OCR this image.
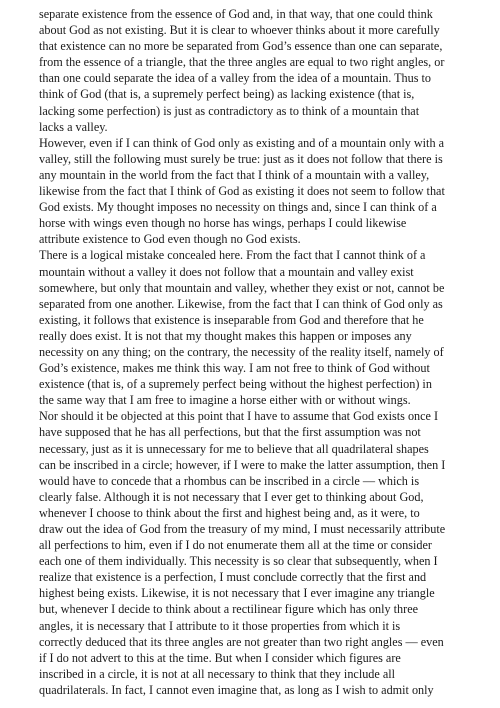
separate existence from the essence of God and, in that way, that one could think
about God as not existing. But it is clear to whoever thinks about it more carefully
that existence can no more be separated from God’s essence than one can separate,
from the essence of a triangle, that the three angles are equal to two right angles, or
than one could separate the idea of a valley from the idea of a mountain. Thus to
think of God (that is, a supremely perfect being) as lacking existence (that is,
lacking some perfection) is just as contradictory as to think of a mountain that
lacks a valley.
However, even if I can think of God only as existing and of a mountain only with a
valley, still the following must surely be true: just as it does not follow that there is
any mountain in the world from the fact that I think of a mountain with a valley,
likewise from the fact that I think of God as existing it does not seem to follow that
God exists. My thought imposes no necessity on things and, since I can think of a
horse with wings even though no horse has wings, perhaps I could likewise
attribute existence to God even though no God exists.
There is a logical mistake concealed here. From the fact that I cannot think of a
mountain without a valley it does not follow that a mountain and valley exist
somewhere, but only that mountain and valley, whether they exist or not, cannot be
separated from one another. Likewise, from the fact that I can think of God only as
existing, it follows that existence is inseparable from God and therefore that he
really does exist. It is not that my thought makes this happen or imposes any
necessity on any thing; on the contrary, the necessity of the reality itself, namely of
God’s existence, makes me think this way. I am not free to think of God without
existence (that is, of a supremely perfect being without the highest perfection) in
the same way that I am free to imagine a horse either with or without wings.
Nor should it be objected at this point that I have to assume that God exists once I
have supposed that he has all perfections, but that the first assumption was not
necessary, just as it is unnecessary for me to believe that all quadrilateral shapes
can be inscribed in a circle; however, if I were to make the latter assumption, then I
would have to concede that a rhombus can be inscribed in a circle — which is
clearly false. Although it is not necessary that I ever get to thinking about God,
whenever I choose to think about the first and highest being and, as it were, to
draw out the idea of God from the treasury of my mind, I must necessarily attribute
all perfections to him, even if I do not enumerate them all at the time or consider
each one of them individually. This necessity is so clear that subsequently, when I
realize that existence is a perfection, I must conclude correctly that the first and
highest being exists. Likewise, it is not necessary that I ever imagine any triangle
but, whenever I decide to think about a rectilinear figure which has only three
angles, it is necessary that I attribute to it those properties from which it is
correctly deduced that its three angles are not greater than two right angles — even
if I do not advert to this at the time. But when I consider which figures are
inscribed in a circle, it is not at all necessary to think that they include all
quadrilaterals. In fact, I cannot even imagine that, as long as I wish to admit only
